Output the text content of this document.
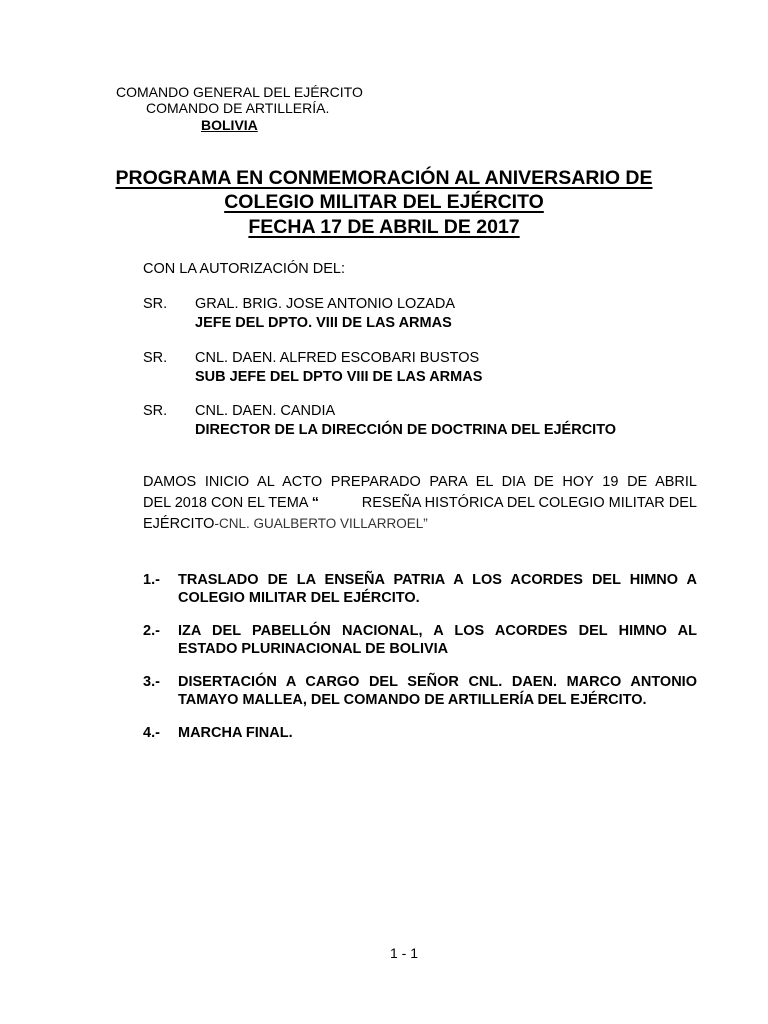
COMANDO GENERAL DEL EJÉRCITO
COMANDO DE ARTILLERÍA.
BOLIVIA
PROGRAMA EN CONMEMORACIÓN AL ANIVERSARIO DE
COLEGIO MILITAR DEL EJÉRCITO
FECHA 17 DE ABRIL DE 2017
CON LA AUTORIZACIÓN DEL:
SR. GRAL. BRIG. JOSE ANTONIO LOZADA
JEFE DEL DPTO. VIII DE LAS ARMAS
SR. CNL. DAEN. ALFRED ESCOBARI BUSTOS
SUB JEFE DEL DPTO VIII DE LAS ARMAS
SR. CNL. DAEN. CANDIA
DIRECTOR DE LA DIRECCIÓN DE DOCTRINA DEL EJÉRCITO
DAMOS INICIO AL ACTO PREPARADO PARA EL DIA DE HOY 19 DE ABRIL
DEL 2018 CON EL TEMA “	RESEÑA HISTÓRICA DEL COLEGIO MILITAR DEL
EJÉRCITO-CNL. GUALBERTO VILLARROEL”
1.- TRASLADO DE LA ENSEÑA PATRIA A LOS ACORDES DEL HIMNO A
COLEGIO MILITAR DEL EJÉRCITO.
2.- IZA DEL PABELLÓN NACIONAL, A LOS ACORDES DEL HIMNO AL
ESTADO PLURINACIONAL DE BOLIVIA
3.- DISERTACIÓN A CARGO DEL SEÑOR CNL. DAEN. MARCO ANTONIO
TAMAYO MALLEA, DEL COMANDO DE ARTILLERÍA DEL EJÉRCITO.
4.- MARCHA FINAL.
1 - 1
